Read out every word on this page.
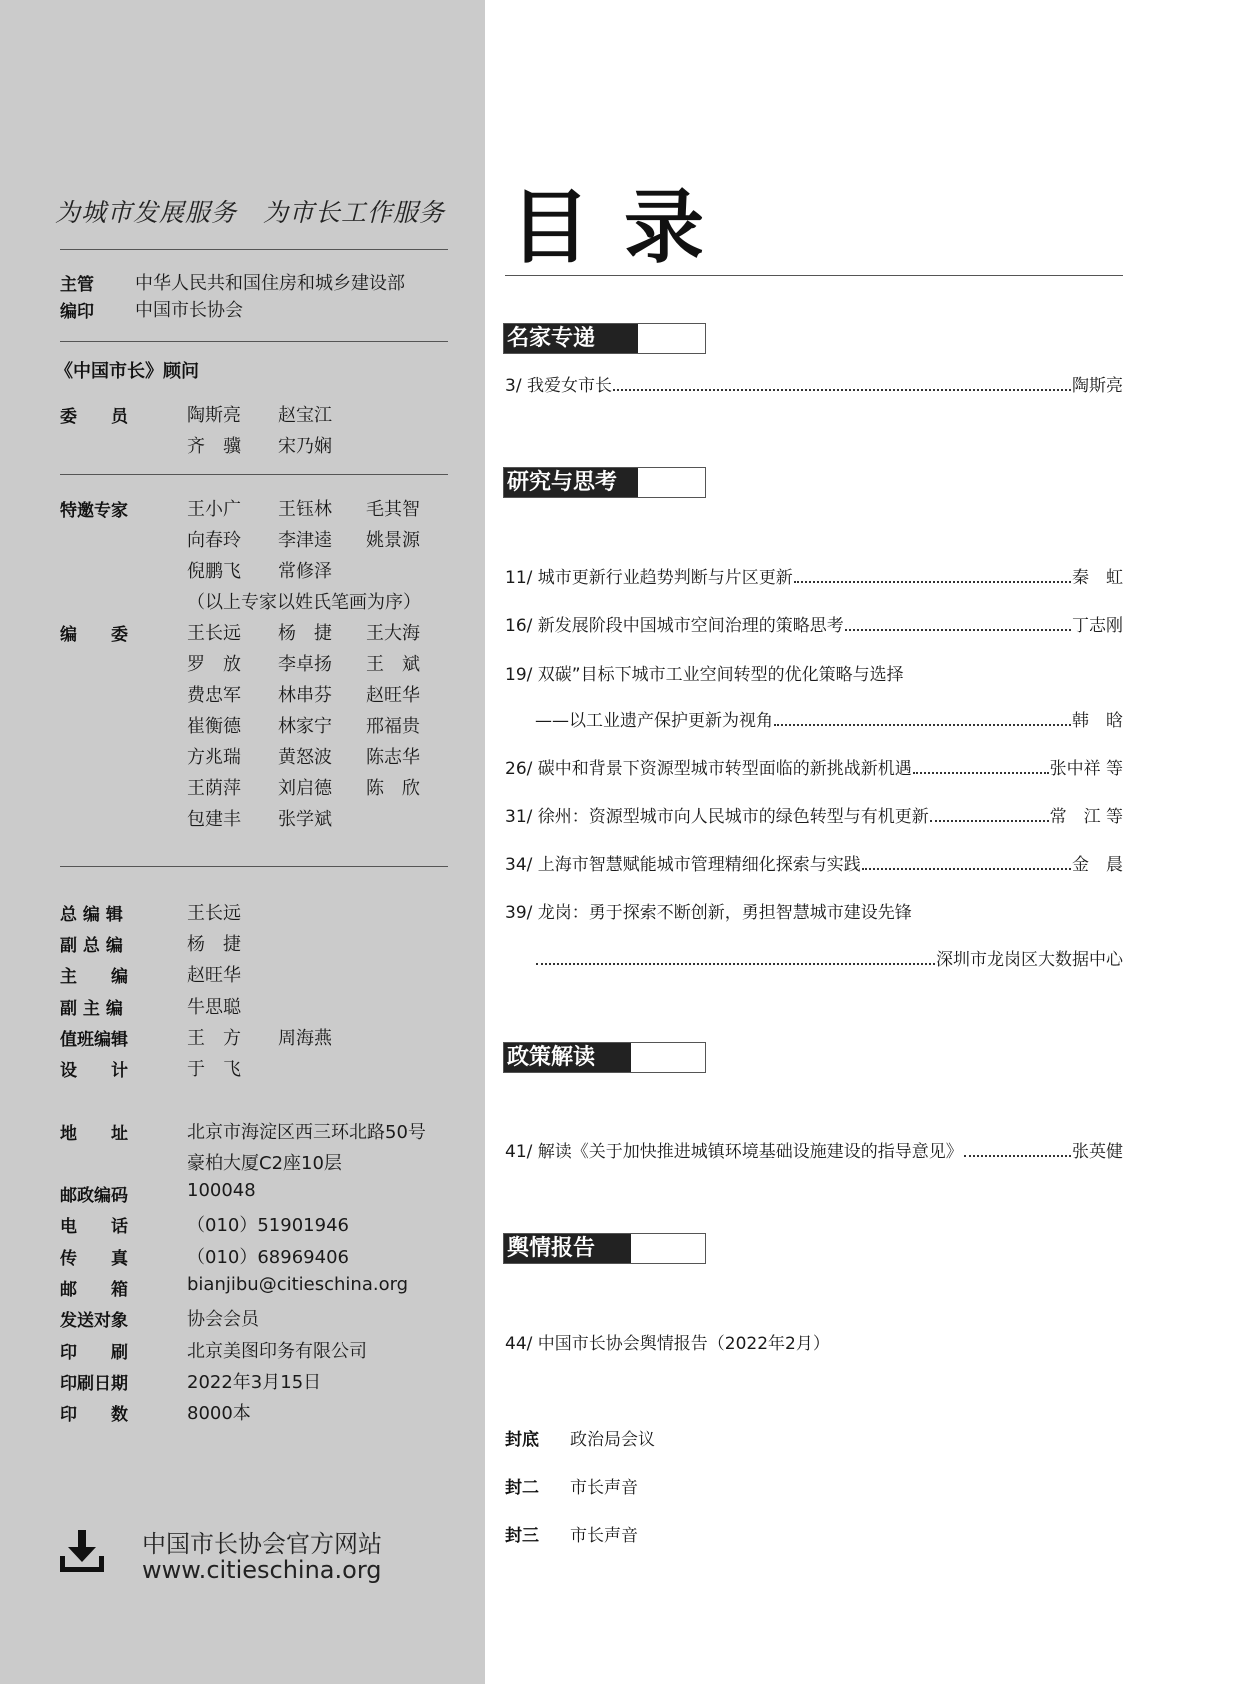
为城市发展服务　为市长工作服务
主管 中华人民共和国住房和城乡建设部
编印 中国市长协会
《中国市长》顾问
委　　员	陶斯亮 赵宝江
齐　骥 宋乃娴
特邀专家	王小广 王钰林 毛其智
向春玲 李津逵 姚景源
倪鹏飞 常修泽
（以上专家以姓氏笔画为序）
编　　委	王长远 杨　捷 王大海
罗　放 李卓扬 王　斌
费忠军 林串芬 赵旺华
崔衡德 林家宁 邢福贵
方兆瑞 黄怒波 陈志华
王荫萍 刘启德 陈　欣
包建丰 张学斌
总 编 辑	王长远
副 总 编	杨　捷
主　　编	赵旺华
副 主 编	牛思聪
值班编辑	王　方 周海燕
设　　计	于　飞
地　　址	北京市海淀区西三环北路50号
豪柏大厦C2座10层
邮政编码	100048
电　　话	（010）51901946
传　　真	（010）68969406
邮　　箱	bianjibu@citieschina.org
发送对象	协会会员
印　　刷	北京美图印务有限公司
印刷日期	2022年3月15日
印　　数	8000本
中国市长协会官方网站
www.citieschina.org
目录
名家专递
3/ 我爱女市长	陶斯亮
研究与思考
11/ 城市更新行业趋势判断与片区更新	秦　虹
16/ 新发展阶段中国城市空间治理的策略思考	丁志刚
19/ 双碳”目标下城市工业空间转型的优化策略与选择
——以工业遗产保护更新为视角	韩　晗
26/ 碳中和背景下资源型城市转型面临的新挑战新机遇	张中祥 等
31/ 徐州：资源型城市向人民城市的绿色转型与有机更新	常　江 等
34/ 上海市智慧赋能城市管理精细化探索与实践	金　晨
39/ 龙岗：勇于探索不断创新，勇担智慧城市建设先锋
深圳市龙岗区大数据中心
政策解读
41/ 解读《关于加快推进城镇环境基础设施建设的指导意见》	张英健
舆情报告
44/ 中国市长协会舆情报告（2022年2月）
封底 政治局会议
封二 市长声音
封三 市长声音
